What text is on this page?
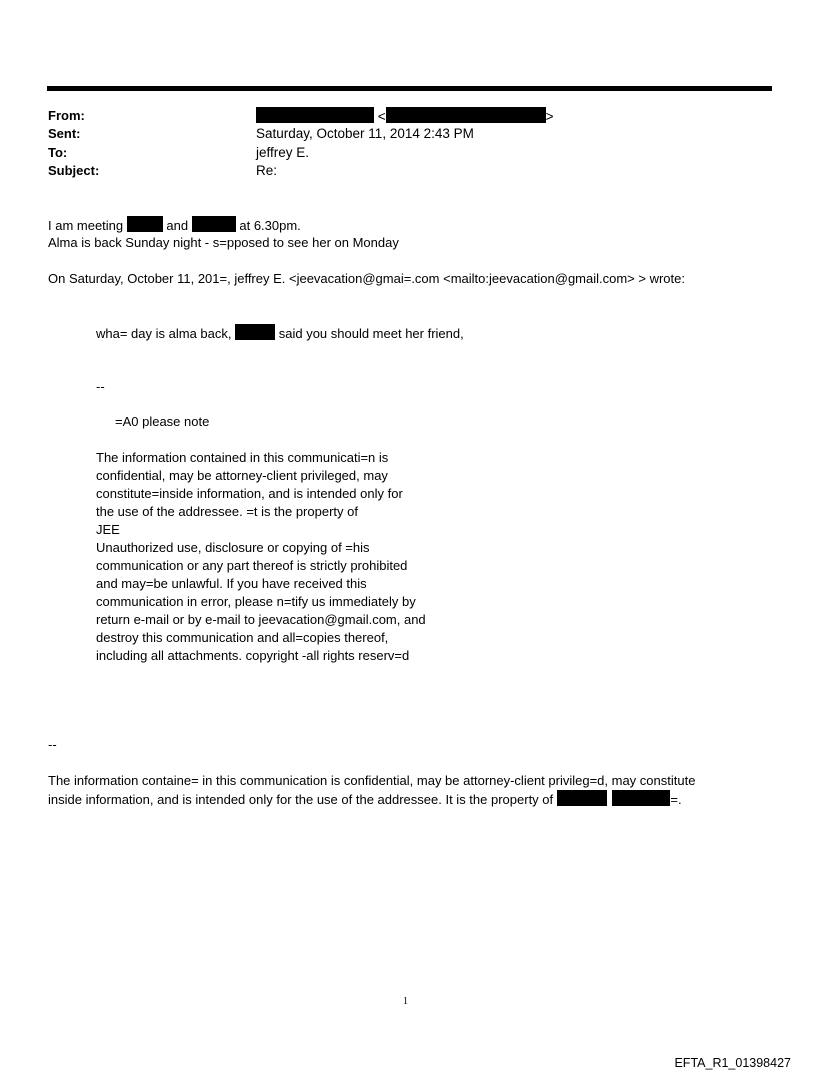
From:	<	>
Sent:	Saturday, October 11, 2014 2:43 PM
To:	jeffrey E.
Subject:	Re:
I am meeting	and	at 6.30pm.
Alma is back Sunday night - s=pposed to see her on Monday
On Saturday, October 11, 201=, jeffrey E. <jeevacation@gmai=.com <mailto:jeevacation@gmail.com> > wrote:
wha= day is alma back,	said you should meet her friend,
--
=A0 please note
The information contained in this communicati=n is
confidential, may be attorney-client privileged, may
constitute=inside information, and is intended only for
the use of the addressee. =t is the property of
JEE
Unauthorized use, disclosure or copying of =his
communication or any part thereof is strictly prohibited
and may=be unlawful. If you have received this
communication in error, please n=tify us immediately by
return e-mail or by e-mail to jeevacation@gmail.com, and
destroy this communication and all=copies thereof,
including all attachments. copyright -all rights reserv=d
--
The information containe= in this communication is confidential, may be attorney-client privileg=d, may constitute
inside information, and is intended only for the use of the addressee. It is the property of	=.
1
EFTA_R1_01398427
